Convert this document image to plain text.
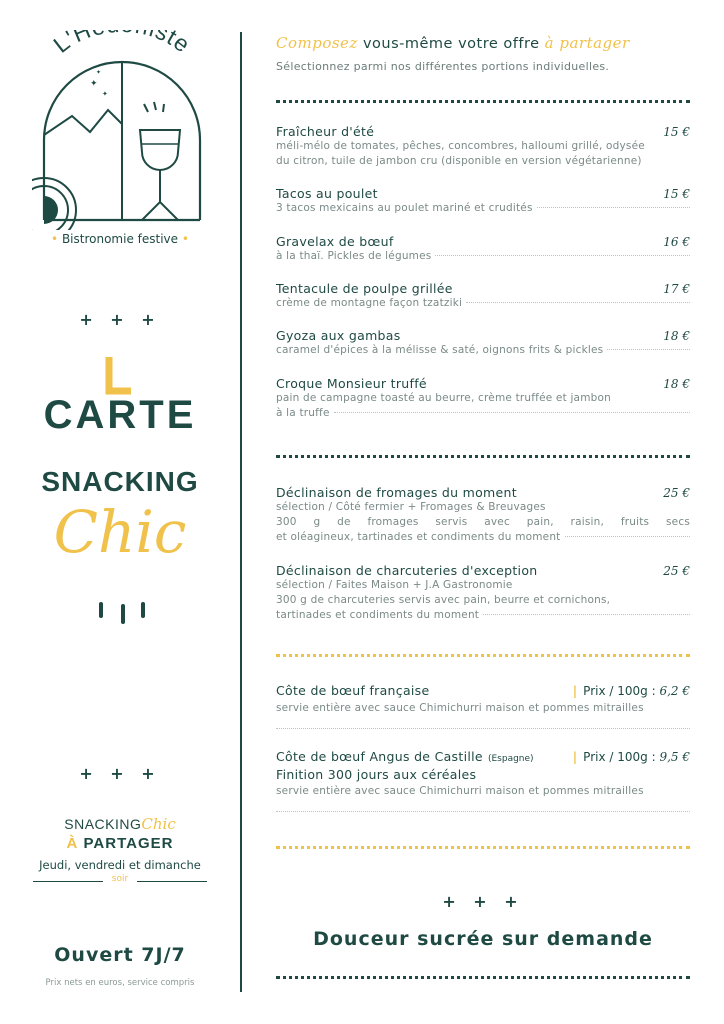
L'H ste
✦
✦
✦
• Bistronomie festive •
+ + +
CARTE
SNACKING
Chic
+ + +
SNACKINGChic
À PARTAGER
Jeudi, vendredi et dimanche
soir
Ouvert 7J/7
Prix nets en euros, service compris
Composez vous-même votre offre à partager
Sélectionnez parmi nos différentes portions individuelles.
Fraîcheur d'été	15 €
méli-mélo de tomates, pêches, concombres, halloumi grillé, odysée
du citron, tuile de jambon cru (disponible en version végétarienne)
Tacos au poulet	15 €
3 tacos mexicains au poulet mariné et crudités
Gravelax de bœuf	16 €
à la thaï. Pickles de légumes
Tentacule de poulpe grillée	17 €
crème de montagne façon tzatziki
Gyoza aux gambas	18 €
caramel d'épices à la mélisse & saté, oignons frits & pickles
Croque Monsieur truffé	18 €
pain de campagne toasté au beurre, crème truffée et jambon
à la truffe
Déclinaison de fromages du moment	25 €
sélection / Côté fermier + Fromages & Breuvages
300 g de fromages servis avec pain, raisin, fruits secs
et oléagineux, tartinades et condiments du moment
Déclinaison de charcuteries d'exception	25 €
sélection / Faites Maison + J.A Gastronomie
300 g de charcuteries servis avec pain, beurre et cornichons,
tartinades et condiments du moment
Côte de bœuf française	| Prix / 100g : 6,2 €
servie entière avec sauce Chimichurri maison et pommes mitrailles
Côte de bœuf Angus de Castille (Espagne)	| Prix / 100g : 9,5 €
Finition 300 jours aux céréales
servie entière avec sauce Chimichurri maison et pommes mitrailles
+ + +
Douceur sucrée sur demande
